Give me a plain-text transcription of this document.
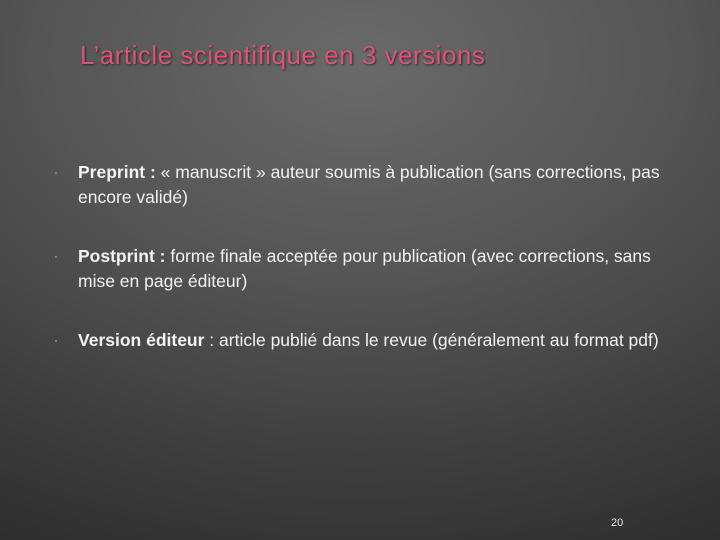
L’article scientifique en 3 versions
· Preprint : « manuscrit » auteur soumis à publication (sans corrections, pas encore validé)
· Postprint : forme finale acceptée pour publication (avec corrections, sans mise en page éditeur)
· Version éditeur : article publié dans le revue (généralement au format pdf)
20
